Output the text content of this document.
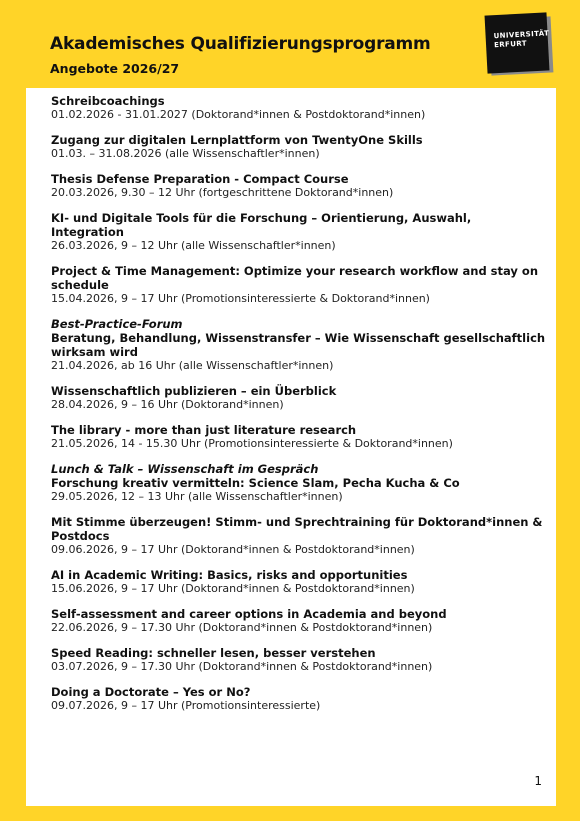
Akademisches Qualifizierungsprogramm
Angebote 2026/27
UNIVERSITÄT
ERFURT
Schreibcoachings
01.02.2026 - 31.01.2027 (Doktorand*innen & Postdoktorand*innen)
Zugang zur digitalen Lernplattform von TwentyOne Skills
01.03. – 31.08.2026 (alle Wissenschaftler*innen)
Thesis Defense Preparation - Compact Course
20.03.2026, 9.30 – 12 Uhr (fortgeschrittene Doktorand*innen)
KI- und Digitale Tools für die Forschung – Orientierung, Auswahl, Integration
26.03.2026, 9 – 12 Uhr (alle Wissenschaftler*innen)
Project & Time Management: Optimize your research workflow and stay on schedule
15.04.2026, 9 – 17 Uhr (Promotionsinteressierte & Doktorand*innen)
Best-Practice-Forum
Beratung, Behandlung, Wissenstransfer – Wie Wissenschaft gesellschaftlich wirksam wird
21.04.2026, ab 16 Uhr (alle Wissenschaftler*innen)
Wissenschaftlich publizieren – ein Überblick
28.04.2026, 9 – 16 Uhr (Doktorand*innen)
The library - more than just literature research
21.05.2026, 14 - 15.30 Uhr (Promotionsinteressierte & Doktorand*innen)
Lunch & Talk – Wissenschaft im Gespräch
Forschung kreativ vermitteln: Science Slam, Pecha Kucha & Co
29.05.2026, 12 – 13 Uhr (alle Wissenschaftler*innen)
Mit Stimme überzeugen! Stimm- und Sprechtraining für Doktorand*innen & Postdocs
09.06.2026, 9 – 17 Uhr (Doktorand*innen & Postdoktorand*innen)
AI in Academic Writing: Basics, risks and opportunities
15.06.2026, 9 – 17 Uhr (Doktorand*innen & Postdoktorand*innen)
Self-assessment and career options in Academia and beyond
22.06.2026, 9 – 17.30 Uhr (Doktorand*innen & Postdoktorand*innen)
Speed Reading: schneller lesen, besser verstehen
03.07.2026, 9 – 17.30 Uhr (Doktorand*innen & Postdoktorand*innen)
Doing a Doctorate – Yes or No?
09.07.2026, 9 – 17 Uhr (Promotionsinteressierte)
1
